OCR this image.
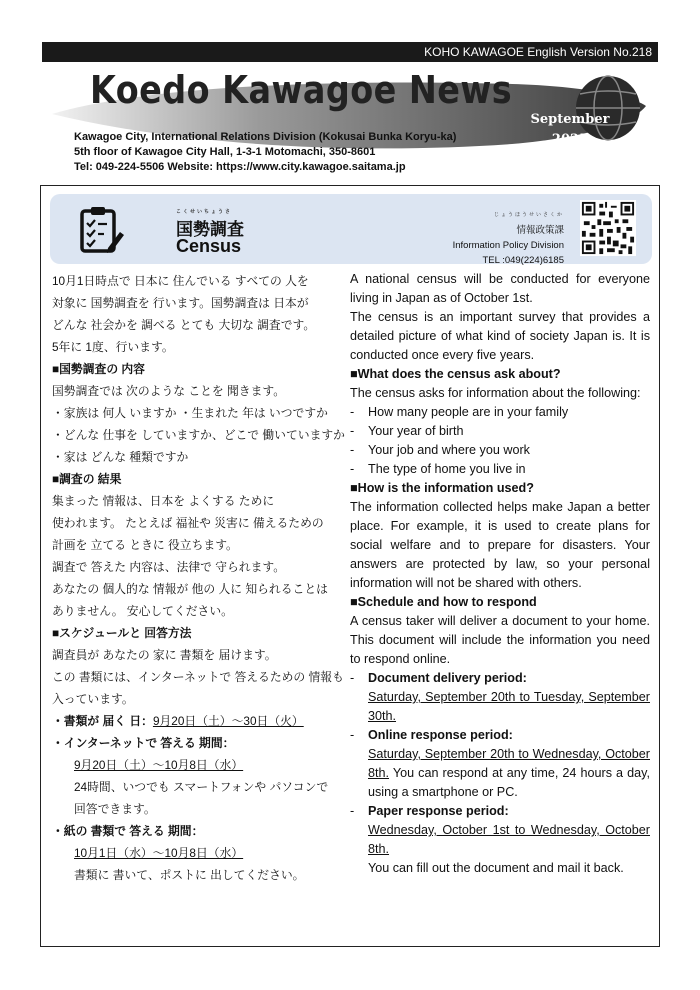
KOHO KAWAGOE English Version No.218
Koedo Kawagoe News
Kawagoe City, International Relations Division (Kokusai Bunka Koryu-ka)
5th floor of Kawagoe City Hall, 1-3-1 Motomachi, 350-8601
Tel: 049-224-5506 Website: https://www.city.kawagoe.saitama.jp
September
2025
こくせいちょうさ
国勢調査
Census
じょうほうせいさくか
情報政策課
Information Policy Division
TEL :049(224)6185

10月1日時点で 日本に 住んでいる すべての 人を

対象に 国勢調査を 行います。国勢調査は 日本が

どんな 社会かを 調べる とても 大切な 調査です。

5年に 1度、行います。

■国勢調査の 内容

国勢調査では 次のような ことを 聞きます。

・家族は 何人 いますか ・生まれた 年は いつですか

・どんな 仕事を していますか、どこで 働いていますか

・家は どんな 種類ですか

■調査の 結果

集まった 情報は、日本を よくする ために

使われます。 たとえば 福祉や 災害に 備えるための

計画を 立てる ときに 役立ちます。

調査で 答えた 内容は、法律で 守られます。

あなたの 個人的な 情報が 他の 人に 知られることは

ありません。 安心してください。

■スケジュールと 回答方法

調査員が あなたの 家に 書類を 届けます。

この 書類には、インターネットで 答えるための 情報も

入っています。

・書類が 届く 日：9月20日（土）〜30日（火）

・インターネットで 答える 期間：

9月20日（土）〜10月8日（水）

24時間、いつでも スマートフォンや パソコンで

回答できます。

・紙の 書類で 答える 期間：

10月1日（水）〜10月8日（水）

書類に 書いて、ポストに 出してください。

A national census will be conducted for everyone living in Japan as of October 1st.

The census is an important survey that provides a detailed picture of what kind of society Japan is. It is conducted once every five years.

■What does the census ask about?

The census asks for information about the following:

-	How many people are in your family
-	Your year of birth
-	Your job and where you work
-	The type of home you live in

■How is the information used?

The information collected helps make Japan a better place. For example, it is used to create plans for social welfare and to prepare for disasters. Your answers are protected by law, so your personal information will not be shared with others.

■Schedule and how to respond

A census taker will deliver a document to your home. This document will include the information you need to respond online.

-	Document delivery period:
Saturday, September 20th to Tuesday, September 30th.
-	Online response period:
Saturday, September 20th to Wednesday, October 8th. You can respond at any time, 24 hours a day, using a smartphone or PC.
-	Paper response period:
Wednesday, October 1st to Wednesday, October 8th.
You can fill out the document and mail it back.
